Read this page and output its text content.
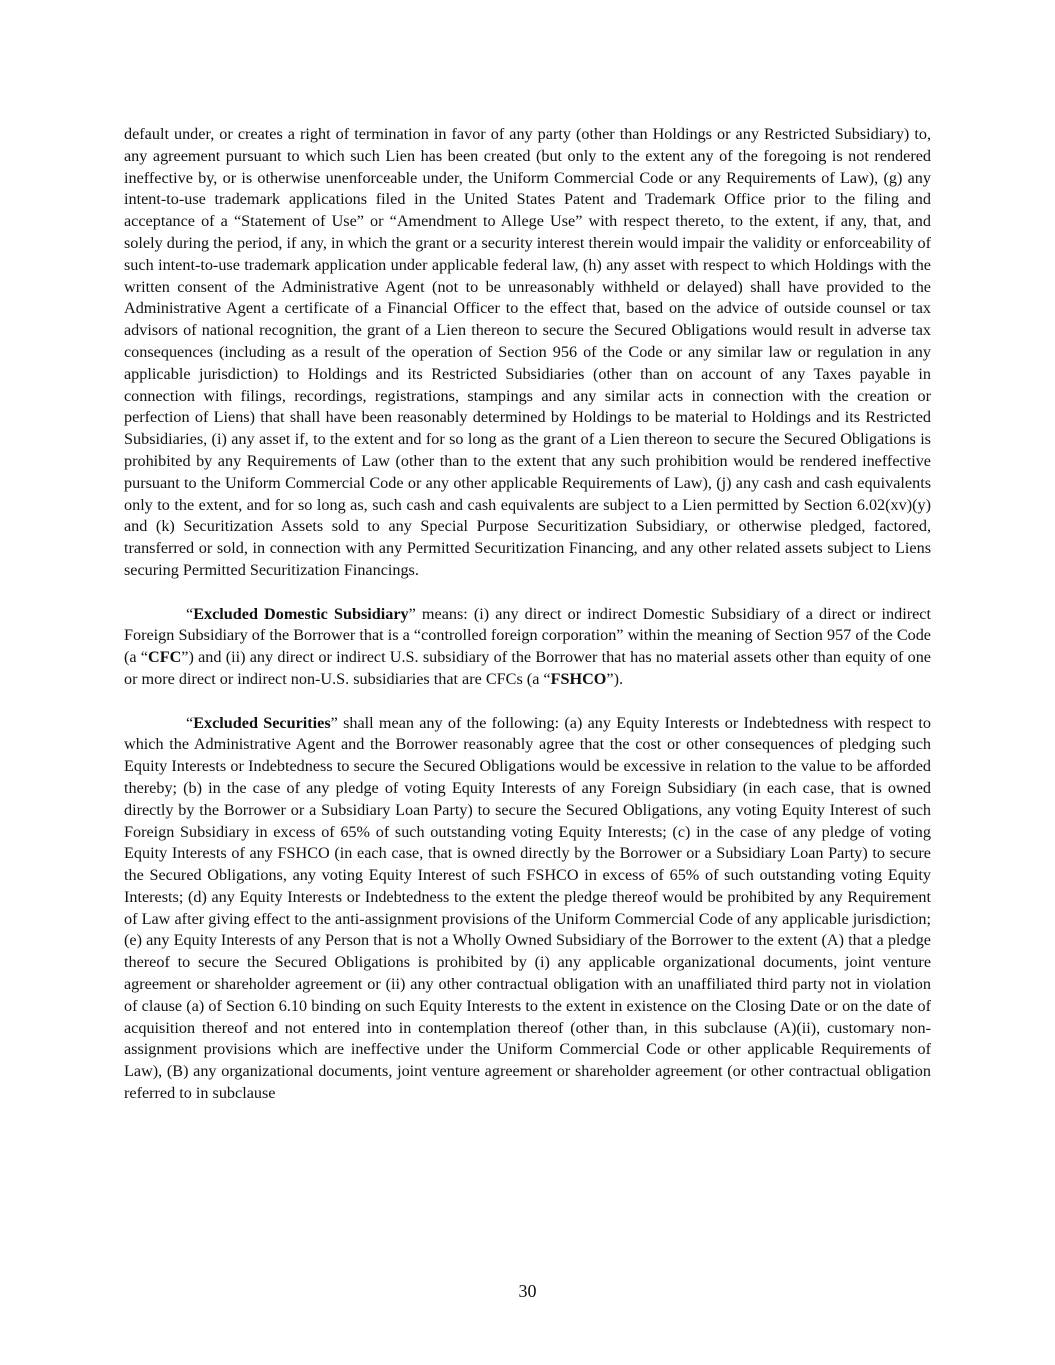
default under, or creates a right of termination in favor of any party (other than Holdings or any Restricted Subsidiary) to, any agreement pursuant to which such Lien has been created (but only to the extent any of the foregoing is not rendered ineffective by, or is otherwise unenforceable under, the Uniform Commercial Code or any Requirements of Law), (g) any intent-to-use trademark applications filed in the United States Patent and Trademark Office prior to the filing and acceptance of a “Statement of Use” or “Amendment to Allege Use” with respect thereto, to the extent, if any, that, and solely during the period, if any, in which the grant or a security interest therein would impair the validity or enforceability of such intent-to-use trademark application under applicable federal law, (h) any asset with respect to which Holdings with the written consent of the Administrative Agent (not to be unreasonably withheld or delayed) shall have provided to the Administrative Agent a certificate of a Financial Officer to the effect that, based on the advice of outside counsel or tax advisors of national recognition, the grant of a Lien thereon to secure the Secured Obligations would result in adverse tax consequences (including as a result of the operation of Section 956 of the Code or any similar law or regulation in any applicable jurisdiction) to Holdings and its Restricted Subsidiaries (other than on account of any Taxes payable in connection with filings, recordings, registrations, stampings and any similar acts in connection with the creation or perfection of Liens) that shall have been reasonably determined by Holdings to be material to Holdings and its Restricted Subsidiaries, (i) any asset if, to the extent and for so long as the grant of a Lien thereon to secure the Secured Obligations is prohibited by any Requirements of Law (other than to the extent that any such prohibition would be rendered ineffective pursuant to the Uniform Commercial Code or any other applicable Requirements of Law), (j) any cash and cash equivalents only to the extent, and for so long as, such cash and cash equivalents are subject to a Lien permitted by Section 6.02(xv)(y) and (k) Securitization Assets sold to any Special Purpose Securitization Subsidiary, or otherwise pledged, factored, transferred or sold, in connection with any Permitted Securitization Financing, and any other related assets subject to Liens securing Permitted Securitization Financings.

“Excluded Domestic Subsidiary” means: (i) any direct or indirect Domestic Subsidiary of a direct or indirect Foreign Subsidiary of the Borrower that is a “controlled foreign corporation” within the meaning of Section 957 of the Code (a “CFC”) and (ii) any direct or indirect U.S. subsidiary of the Borrower that has no material assets other than equity of one or more direct or indirect non-U.S. subsidiaries that are CFCs (a “FSHCO”).

“Excluded Securities” shall mean any of the following: (a) any Equity Interests or Indebtedness with respect to which the Administrative Agent and the Borrower reasonably agree that the cost or other consequences of pledging such Equity Interests or Indebtedness to secure the Secured Obligations would be excessive in relation to the value to be afforded thereby; (b) in the case of any pledge of voting Equity Interests of any Foreign Subsidiary (in each case, that is owned directly by the Borrower or a Subsidiary Loan Party) to secure the Secured Obligations, any voting Equity Interest of such Foreign Subsidiary in excess of 65% of such outstanding voting Equity Interests; (c) in the case of any pledge of voting Equity Interests of any FSHCO (in each case, that is owned directly by the Borrower or a Subsidiary Loan Party) to secure the Secured Obligations, any voting Equity Interest of such FSHCO in excess of 65% of such outstanding voting Equity Interests; (d) any Equity Interests or Indebtedness to the extent the pledge thereof would be prohibited by any Requirement of Law after giving effect to the anti-assignment provisions of the Uniform Commercial Code of any applicable jurisdiction; (e) any Equity Interests of any Person that is not a Wholly Owned Subsidiary of the Borrower to the extent (A) that a pledge thereof to secure the Secured Obligations is prohibited by (i) any applicable organizational documents, joint venture agreement or shareholder agreement or (ii) any other contractual obligation with an unaffiliated third party not in violation of clause (a) of Section 6.10 binding on such Equity Interests to the extent in existence on the Closing Date or on the date of acquisition thereof and not entered into in contemplation thereof (other than, in this subclause (A)(ii), customary non-assignment provisions which are ineffective under the Uniform Commercial Code or other applicable Requirements of Law), (B) any organizational documents, joint venture agreement or shareholder agreement (or other contractual obligation referred to in subclause

30
